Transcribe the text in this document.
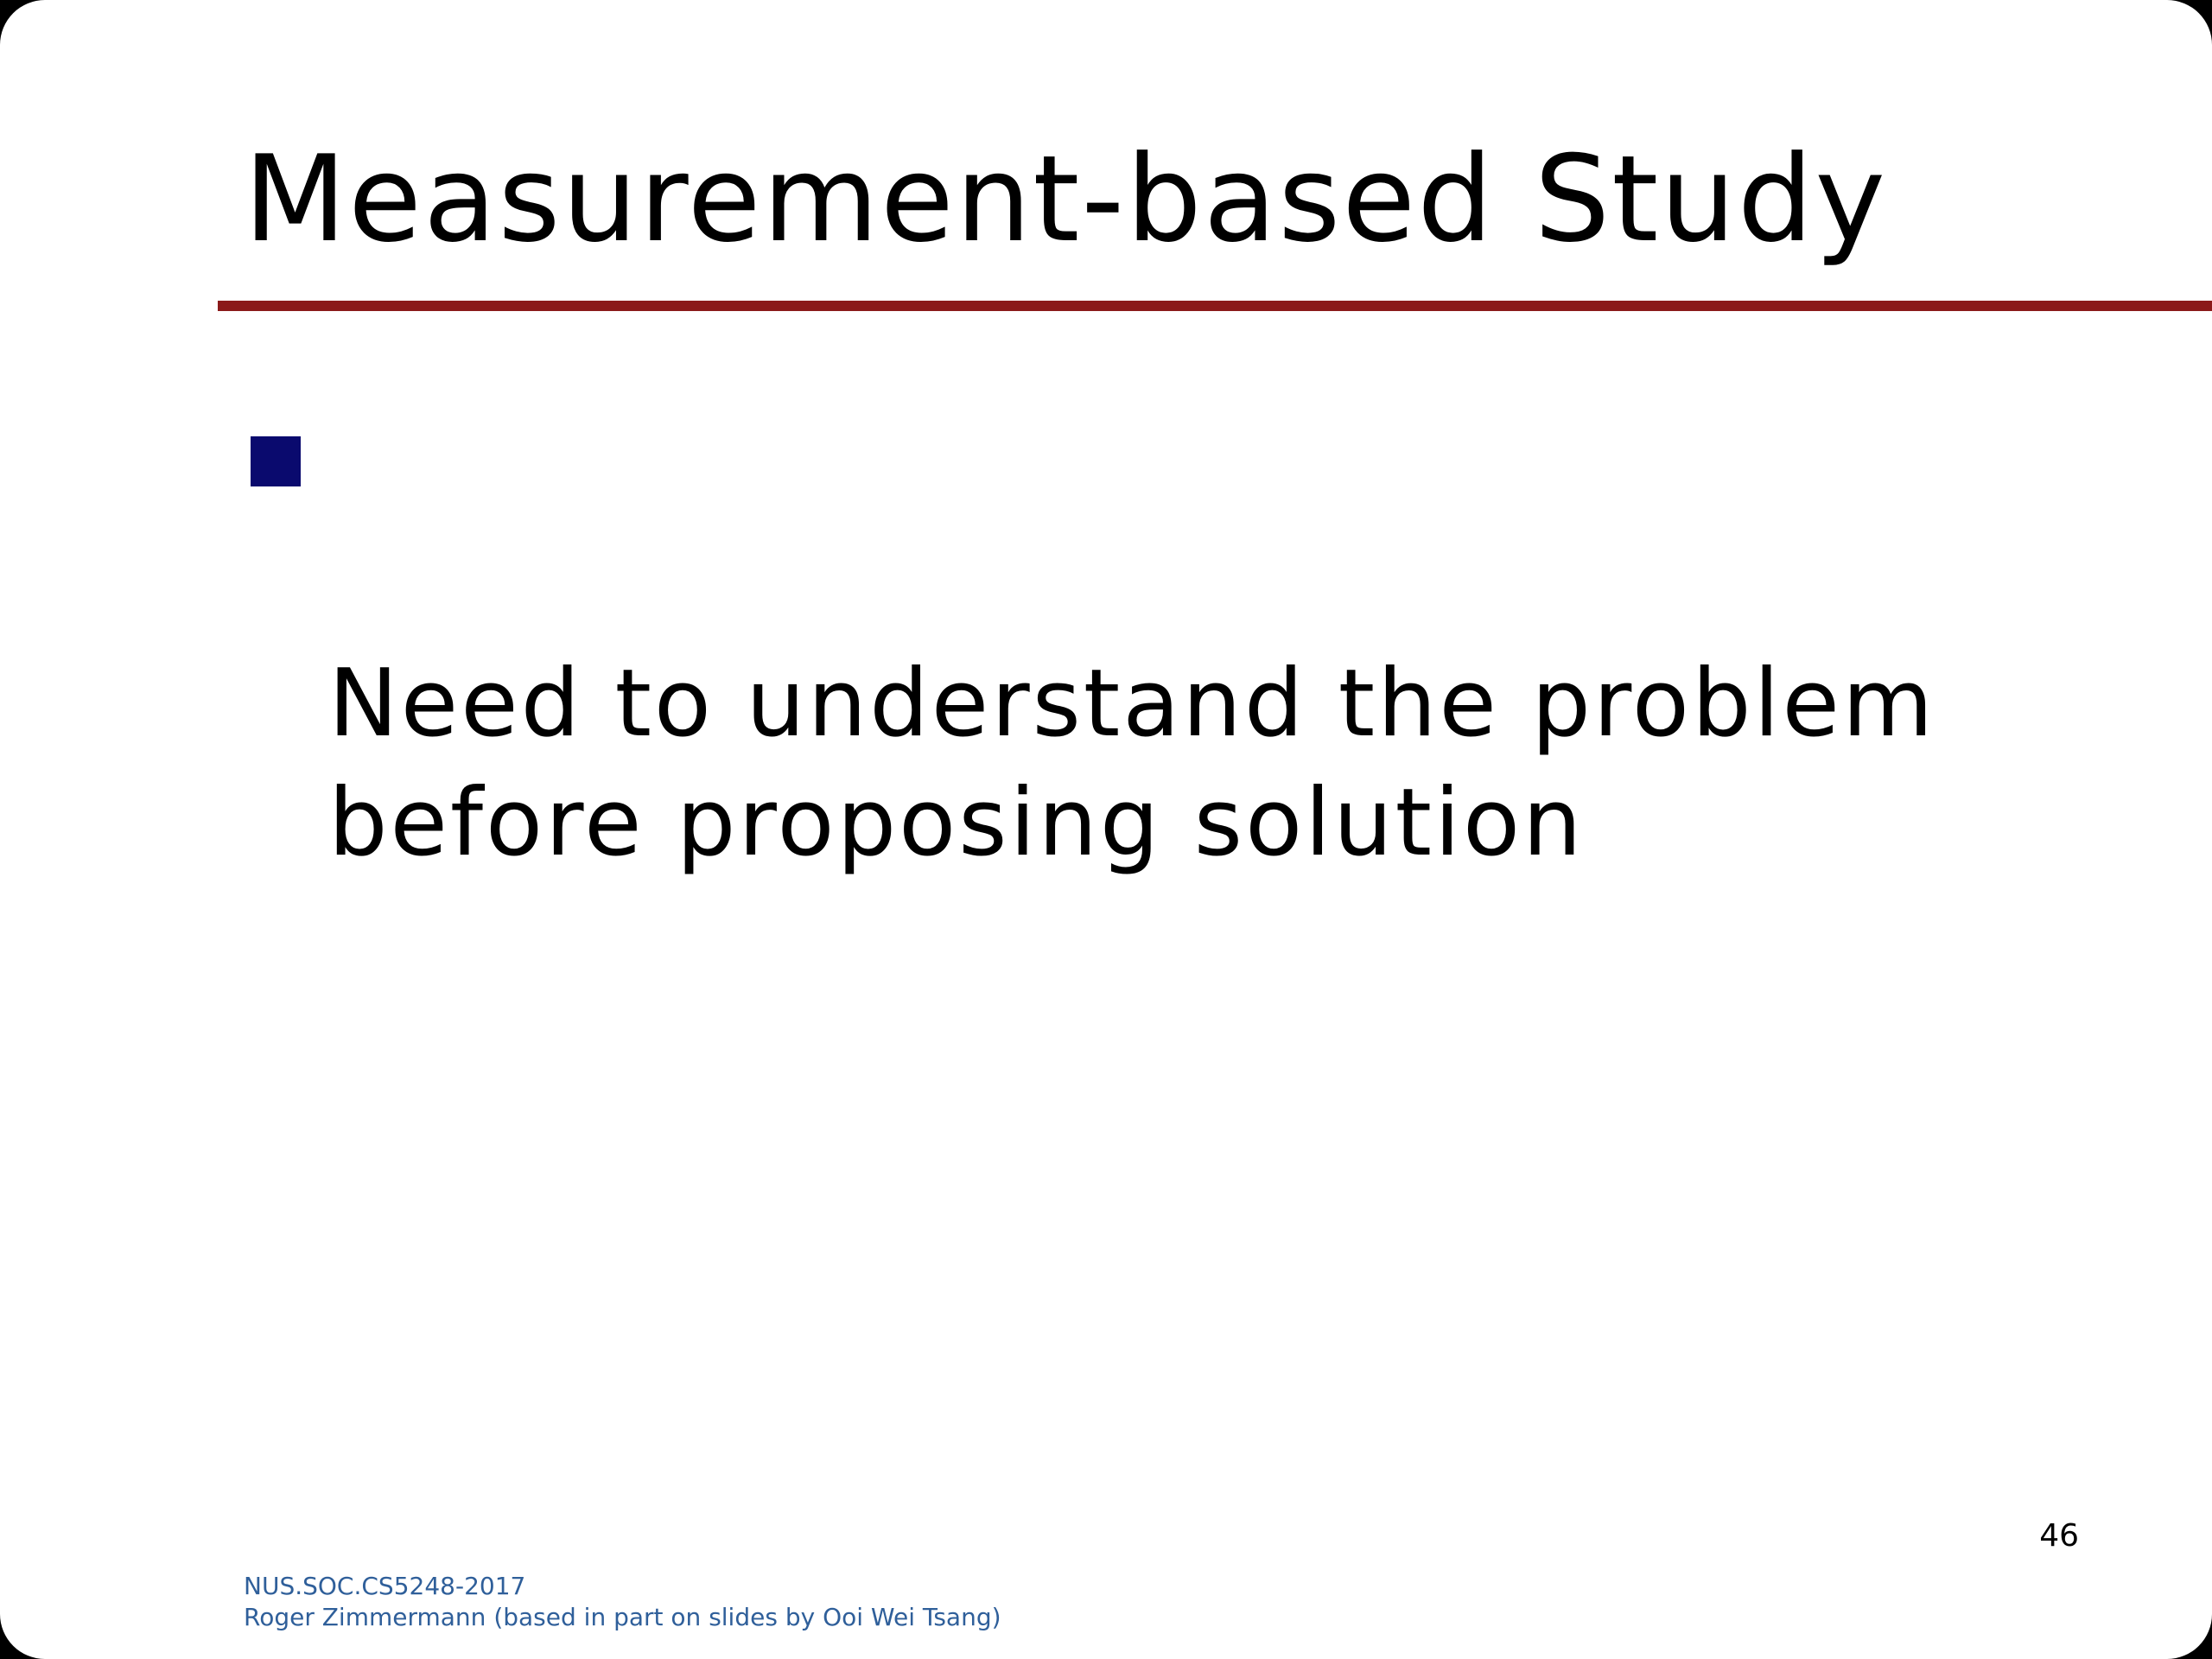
Measurement-based Study

Need to understand the problem
before proposing solution

46
NUS.SOC.CS5248-2017
Roger Zimmermann (based in part on slides by Ooi Wei Tsang)
